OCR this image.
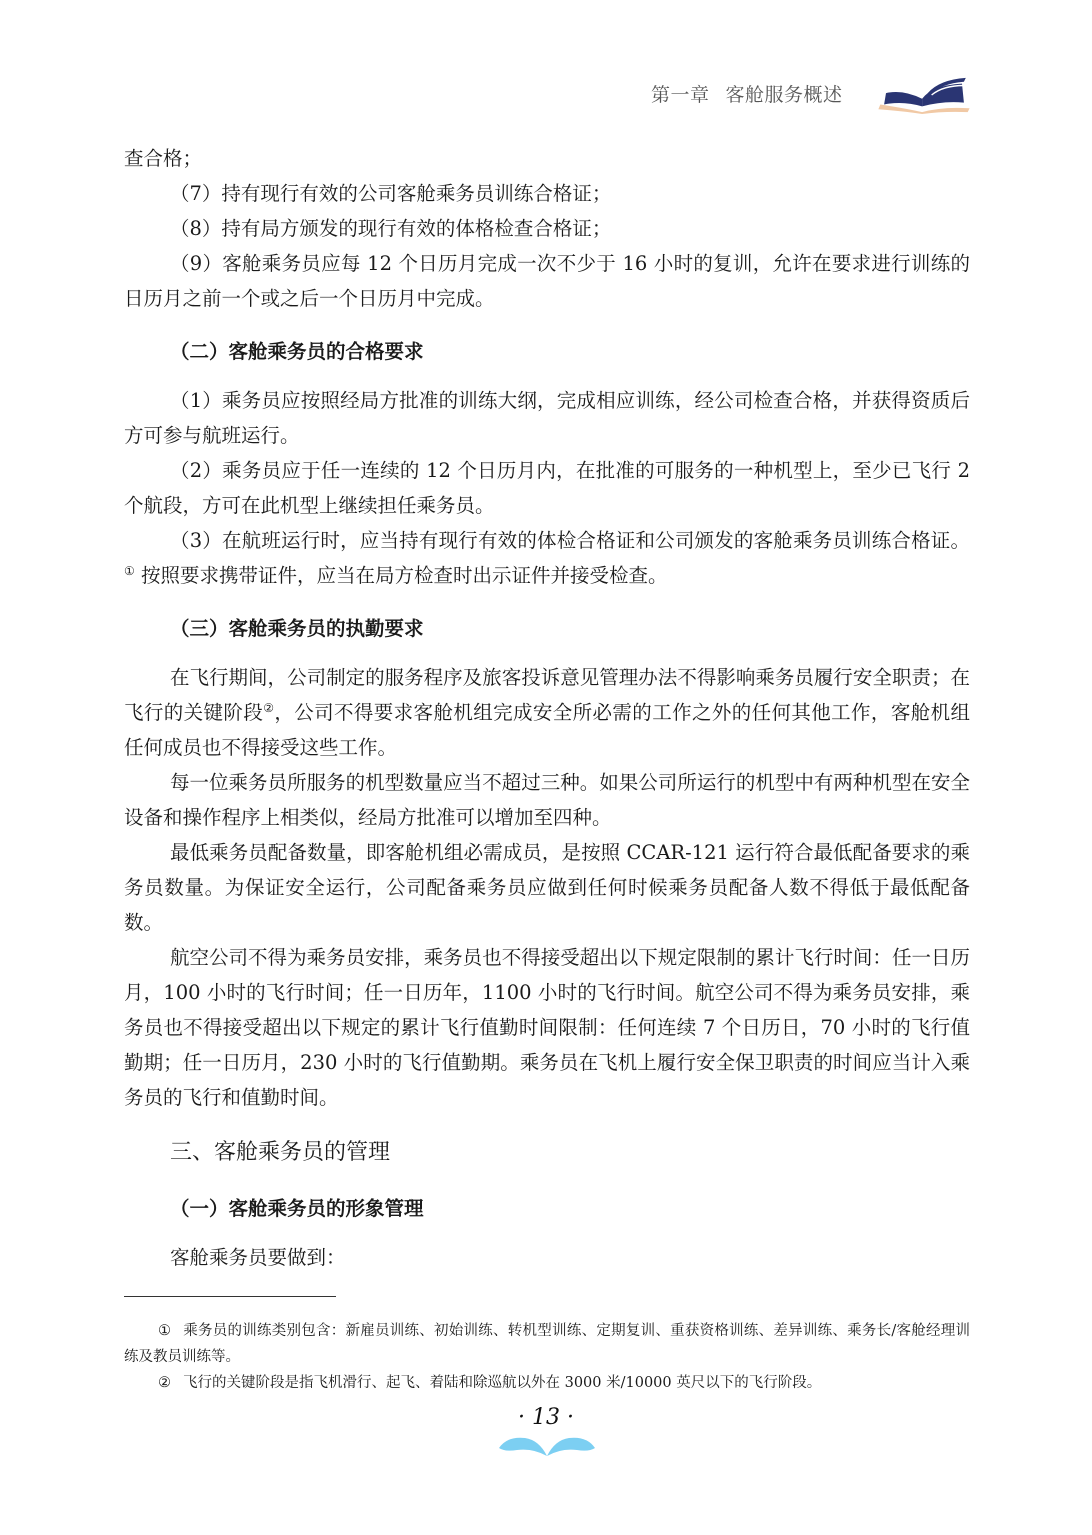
第一章 客舱服务概述

查合格；

（7）持有现行有效的公司客舱乘务员训练合格证；

（8）持有局方颁发的现行有效的体格检查合格证；

（9）客舱乘务员应每 12 个日历月完成一次不少于 16 小时的复训，允许在要求进行训练的日历月之前一个或之后一个日历月中完成。

（二）客舱乘务员的合格要求

（1）乘务员应按照经局方批准的训练大纲，完成相应训练，经公司检查合格，并获得资质后方可参与航班运行。

（2）乘务员应于任一连续的 12 个日历月内，在批准的可服务的一种机型上，至少已飞行 2 个航段，方可在此机型上继续担任乘务员。

（3）在航班运行时，应当持有现行有效的体检合格证和公司颁发的客舱乘务员训练合格证。① 按照要求携带证件，应当在局方检查时出示证件并接受检查。

（三）客舱乘务员的执勤要求

在飞行期间，公司制定的服务程序及旅客投诉意见管理办法不得影响乘务员履行安全职责；在飞行的关键阶段②，公司不得要求客舱机组完成安全所必需的工作之外的任何其他工作，客舱机组任何成员也不得接受这些工作。

每一位乘务员所服务的机型数量应当不超过三种。如果公司所运行的机型中有两种机型在安全设备和操作程序上相类似，经局方批准可以增加至四种。

最低乘务员配备数量，即客舱机组必需成员，是按照 CCAR-121 运行符合最低配备要求的乘务员数量。为保证安全运行，公司配备乘务员应做到任何时候乘务员配备人数不得低于最低配备数。

航空公司不得为乘务员安排，乘务员也不得接受超出以下规定限制的累计飞行时间：任一日历月，100 小时的飞行时间；任一日历年，1100 小时的飞行时间。航空公司不得为乘务员安排，乘务员也不得接受超出以下规定的累计飞行值勤时间限制：任何连续 7 个日历日，70 小时的飞行值勤期；任一日历月，230 小时的飞行值勤期。乘务员在飞机上履行安全保卫职责的时间应当计入乘务员的飞行和值勤时间。

三、客舱乘务员的管理
（一）客舱乘务员的形象管理

客舱乘务员要做到：

① 乘务员的训练类别包含：新雇员训练、初始训练、转机型训练、定期复训、重获资格训练、差异训练、乘务长/客舱经理训练及教员训练等。

② 飞行的关键阶段是指飞机滑行、起飞、着陆和除巡航以外在 3000 米/10000 英尺以下的飞行阶段。

· 13 ·
